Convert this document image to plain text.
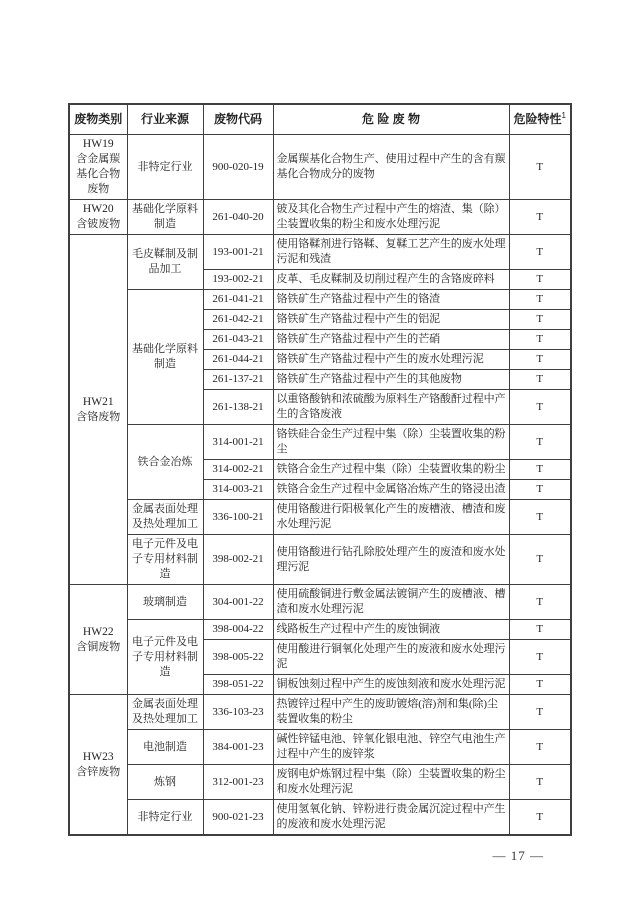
废物类别	行业来源	废物代码	危 险 废 物	危险特性$^1$

HW19
含金属羰基化合物废物	非特定行业	900-020-19	金属羰基化合物生产、使用过程中产生的含有羰基化合物成分的废物	T

HW20
含铍废物	基础化学原料制造	261-040-20	铍及其化合物生产过程中产生的熔渣、集（除）尘装置收集的粉尘和废水处理污泥	T

HW21
含铬废物	毛皮鞣制及制品加工	193-001-21	使用铬鞣剂进行铬鞣、复鞣工艺产生的废水处理污泥和残渣	T
		193-002-21	皮革、毛皮鞣制及切削过程产生的含铬废碎料	T
	基础化学原料制造	261-041-21	铬铁矿生产铬盐过程中产生的铬渣	T
		261-042-21	铬铁矿生产铬盐过程中产生的铝泥	T
		261-043-21	铬铁矿生产铬盐过程中产生的芒硝	T
		261-044-21	铬铁矿生产铬盐过程中产生的废水处理污泥	T
		261-137-21	铬铁矿生产铬盐过程中产生的其他废物	T
		261-138-21	以重铬酸钠和浓硫酸为原料生产铬酸酐过程中产生的含铬废液	T
	铁合金冶炼	314-001-21	铬铁硅合金生产过程中集（除）尘装置收集的粉尘	T
		314-002-21	铁铬合金生产过程中集（除）尘装置收集的粉尘	T
		314-003-21	铁铬合金生产过程中金属铬冶炼产生的铬浸出渣	T
	金属表面处理及热处理加工	336-100-21	使用铬酸进行阳极氧化产生的废槽液、槽渣和废水处理污泥	T
	电子元件及电子专用材料制造	398-002-21	使用铬酸进行钻孔除胶处理产生的废渣和废水处理污泥	T

HW22
含铜废物	玻璃制造	304-001-22	使用硫酸铜进行敷金属法镀铜产生的废槽液、槽渣和废水处理污泥	T
	电子元件及电子专用材料制造	398-004-22	线路板生产过程中产生的废蚀铜液	T
		398-005-22	使用酸进行铜氧化处理产生的废液和废水处理污泥	T
		398-051-22	铜板蚀刻过程中产生的废蚀刻液和废水处理污泥	T

HW23
含锌废物	金属表面处理及热处理加工	336-103-23	热镀锌过程中产生的废助镀熔(溶)剂和集(除)尘装置收集的粉尘	T
	电池制造	384-001-23	碱性锌锰电池、锌氧化银电池、锌空气电池生产过程中产生的废锌浆	T
	炼钢	312-001-23	废钢电炉炼钢过程中集（除）尘装置收集的粉尘和废水处理污泥	T
	非特定行业	900-021-23	使用氢氧化钠、锌粉进行贵金属沉淀过程中产生的废液和废水处理污泥	T
— 17 —
